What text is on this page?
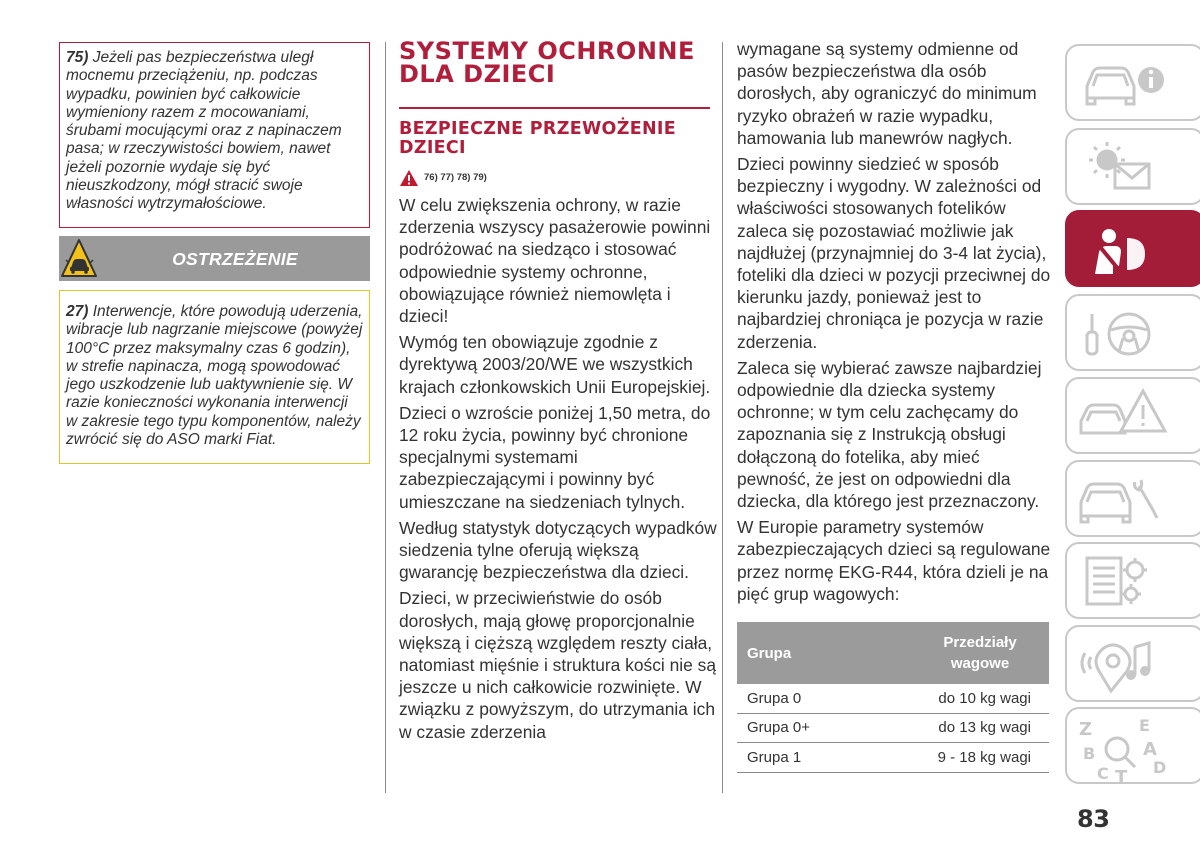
75) Jeżeli pas bezpieczeństwa uległ mocnemu przeciążeniu, np. podczas wypadku, powinien być całkowicie wymieniony razem z mocowaniami, śrubami mocującymi oraz z napinaczem pasa; w rzeczywistości bowiem, nawet jeżeli pozornie wydaje się być nieuszkodzony, mógł stracić swoje własności wytrzymałościowe.

OSTRZEŻENIE

27) Interwencje, które powodują uderzenia, wibracje lub nagrzanie miejscowe (powyżej 100°C przez maksymalny czas 6 godzin), w strefie napinacza, mogą spowodować jego uszkodzenie lub uaktywnienie się. W razie konieczności wykonania interwencji w zakresie tego typu komponentów, należy zwrócić się do ASO marki Fiat.

SYSTEMY OCHRONNE DLA DZIECI
BEZPIECZNE PRZEWOŻENIE DZIECI
76) 77) 78) 79)

W celu zwiększenia ochrony, w razie zderzenia wszyscy pasażerowie powinni podróżować na siedząco i stosować odpowiednie systemy ochronne, obowiązujące również niemowlęta i dzieci!

Wymóg ten obowiązuje zgodnie z dyrektywą 2003/20/WE we wszystkich krajach członkowskich Unii Europejskiej.

Dzieci o wzroście poniżej 1,50 metra, do 12 roku życia, powinny być chronione specjalnymi systemami zabezpieczającymi i powinny być umieszczane na siedzeniach tylnych.

Według statystyk dotyczących wypadków siedzenia tylne oferują większą gwarancję bezpieczeństwa dla dzieci.

Dzieci, w przeciwieństwie do osób dorosłych, mają głowę proporcjonalnie większą i cięższą względem reszty ciała, natomiast mięśnie i struktura kości nie są jeszcze u nich całkowicie rozwinięte. W związku z powyższym, do utrzymania ich w czasie zderzenia

wymagane są systemy odmienne od pasów bezpieczeństwa dla osób dorosłych, aby ograniczyć do minimum ryzyko obrażeń w razie wypadku, hamowania lub manewrów nagłych.

Dzieci powinny siedzieć w sposób bezpieczny i wygodny. W zależności od właściwości stosowanych fotelików zaleca się pozostawiać możliwie jak najdłużej (przynajmniej do 3-4 lat życia), foteliki dla dzieci w pozycji przeciwnej do kierunku jazdy, ponieważ jest to najbardziej chroniąca je pozycja w razie zderzenia.

Zaleca się wybierać zawsze najbardziej odpowiednie dla dziecka systemy ochronne; w tym celu zachęcamy do zapoznania się z Instrukcją obsługi dołączoną do fotelika, aby mieć pewność, że jest on odpowiedni dla dziecka, dla którego jest przeznaczony.

W Europie parametry systemów zabezpieczających dzieci są regulowane przez normę EKG-R44, która dzieli je na pięć grup wagowych:

Grupa	Przedziały wagowe
Grupa 0	do 10 kg wagi
Grupa 0+	do 13 kg wagi
Grupa 1	9 - 18 kg wagi
Z	E
B	A
C T D
83
